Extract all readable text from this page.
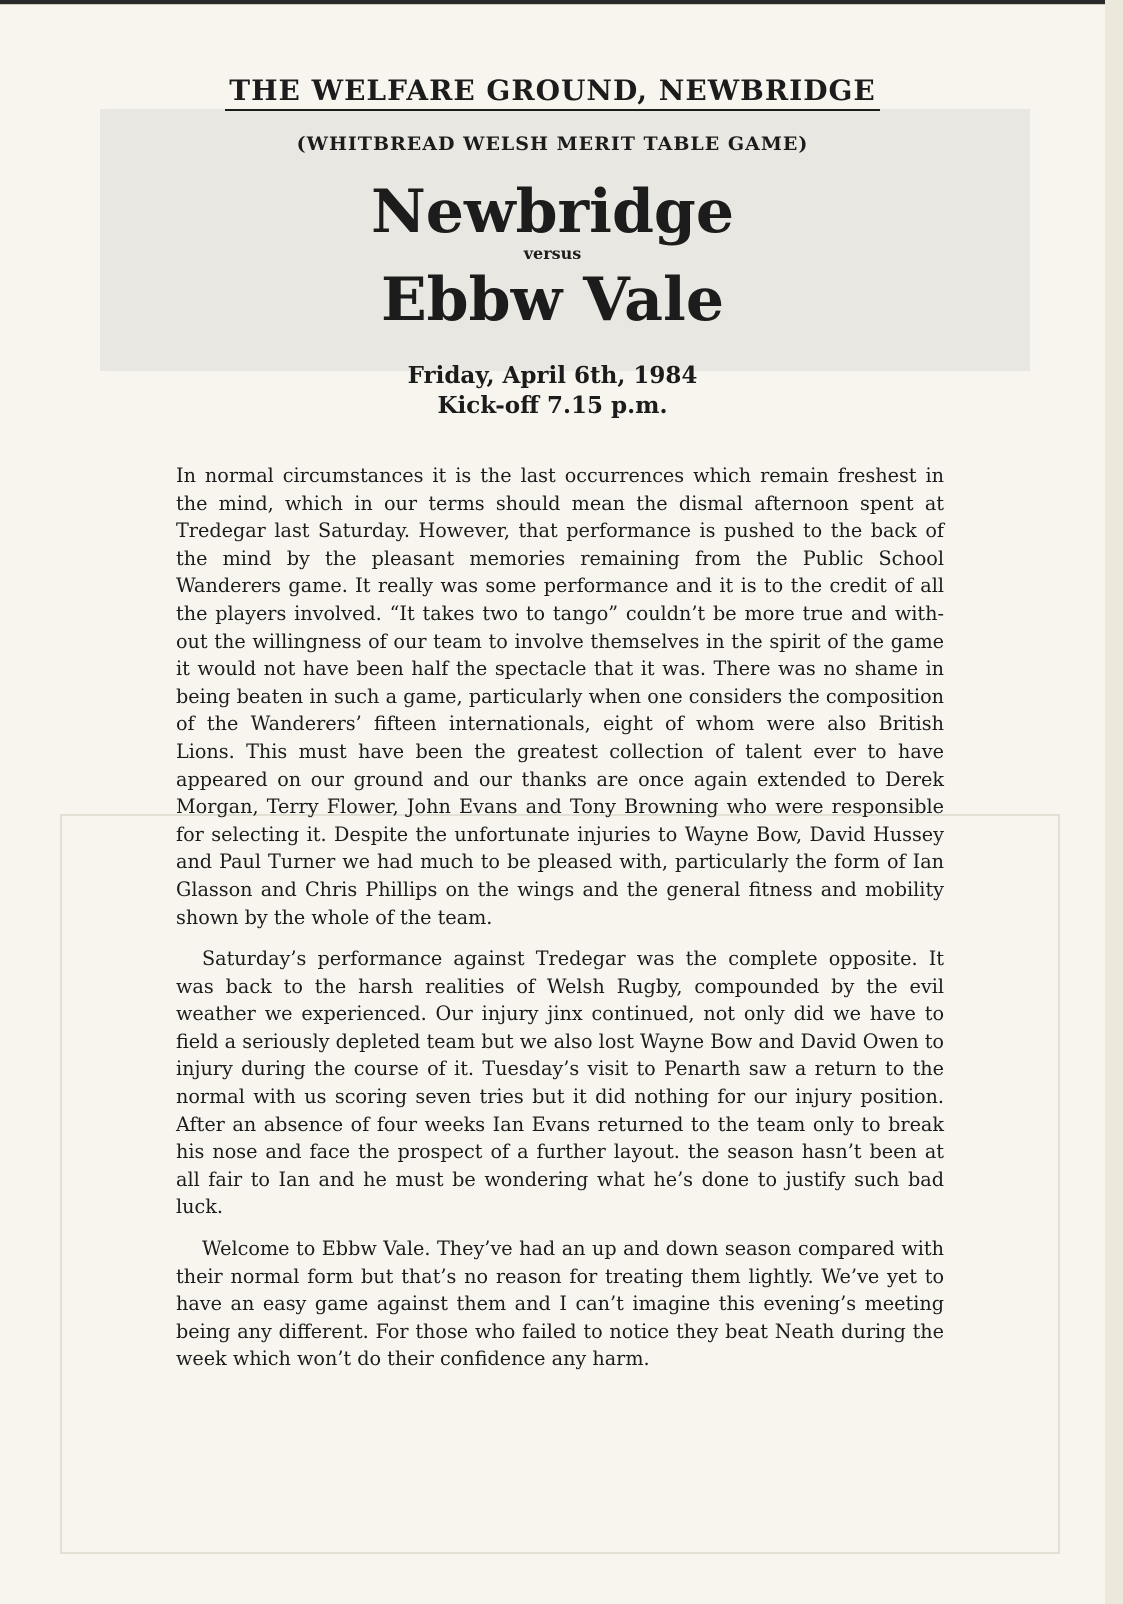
THE WELFARE GROUND, NEWBRIDGE
(WHITBREAD WELSH MERIT TABLE GAME)
Newbridge
versus
Ebbw Vale
Friday, April 6th, 1984
Kick-off 7.15 p.m.

In normal circumstances it is the last occurrences which remain freshest in the mind, which in our terms should mean the dismal afternoon spent at Tredegar last Saturday. However, that performance is pushed to the back of the mind by the pleasant memories remaining from the Public School Wanderers game. It really was some performance and it is to the credit of all the players involved. “It takes two to tango” couldn’t be more true and without the willingness of our team to involve themselves in the spirit of the game it would not have been half the spectacle that it was. There was no shame in being beaten in such a game, particularly when one considers the composition of the Wanderers’ fifteen internationals, eight of whom were also British Lions. This must have been the greatest collection of talent ever to have appeared on our ground and our thanks are once again extended to Derek Morgan, Terry Flower, John Evans and Tony Browning who were responsible for selecting it. Despite the unfortunate injuries to Wayne Bow, David Hussey and Paul Turner we had much to be pleased with, particularly the form of Ian Glasson and Chris Phillips on the wings and the general fitness and mobility shown by the whole of the team.

Saturday’s performance against Tredegar was the complete opposite. It was back to the harsh realities of Welsh Rugby, compounded by the evil weather we experienced. Our injury jinx continued, not only did we have to field a seriously depleted team but we also lost Wayne Bow and David Owen to injury during the course of it. Tuesday’s visit to Penarth saw a return to the normal with us scoring seven tries but it did nothing for our injury position. After an absence of four weeks Ian Evans returned to the team only to break his nose and face the prospect of a further layout. the season hasn’t been at all fair to Ian and he must be wondering what he’s done to justify such bad luck.

Welcome to Ebbw Vale. They’ve had an up and down season compared with their normal form but that’s no reason for treating them lightly. We’ve yet to have an easy game against them and I can’t imagine this evening’s meeting being any different. For those who failed to notice they beat Neath during the week which won’t do their confidence any harm.
